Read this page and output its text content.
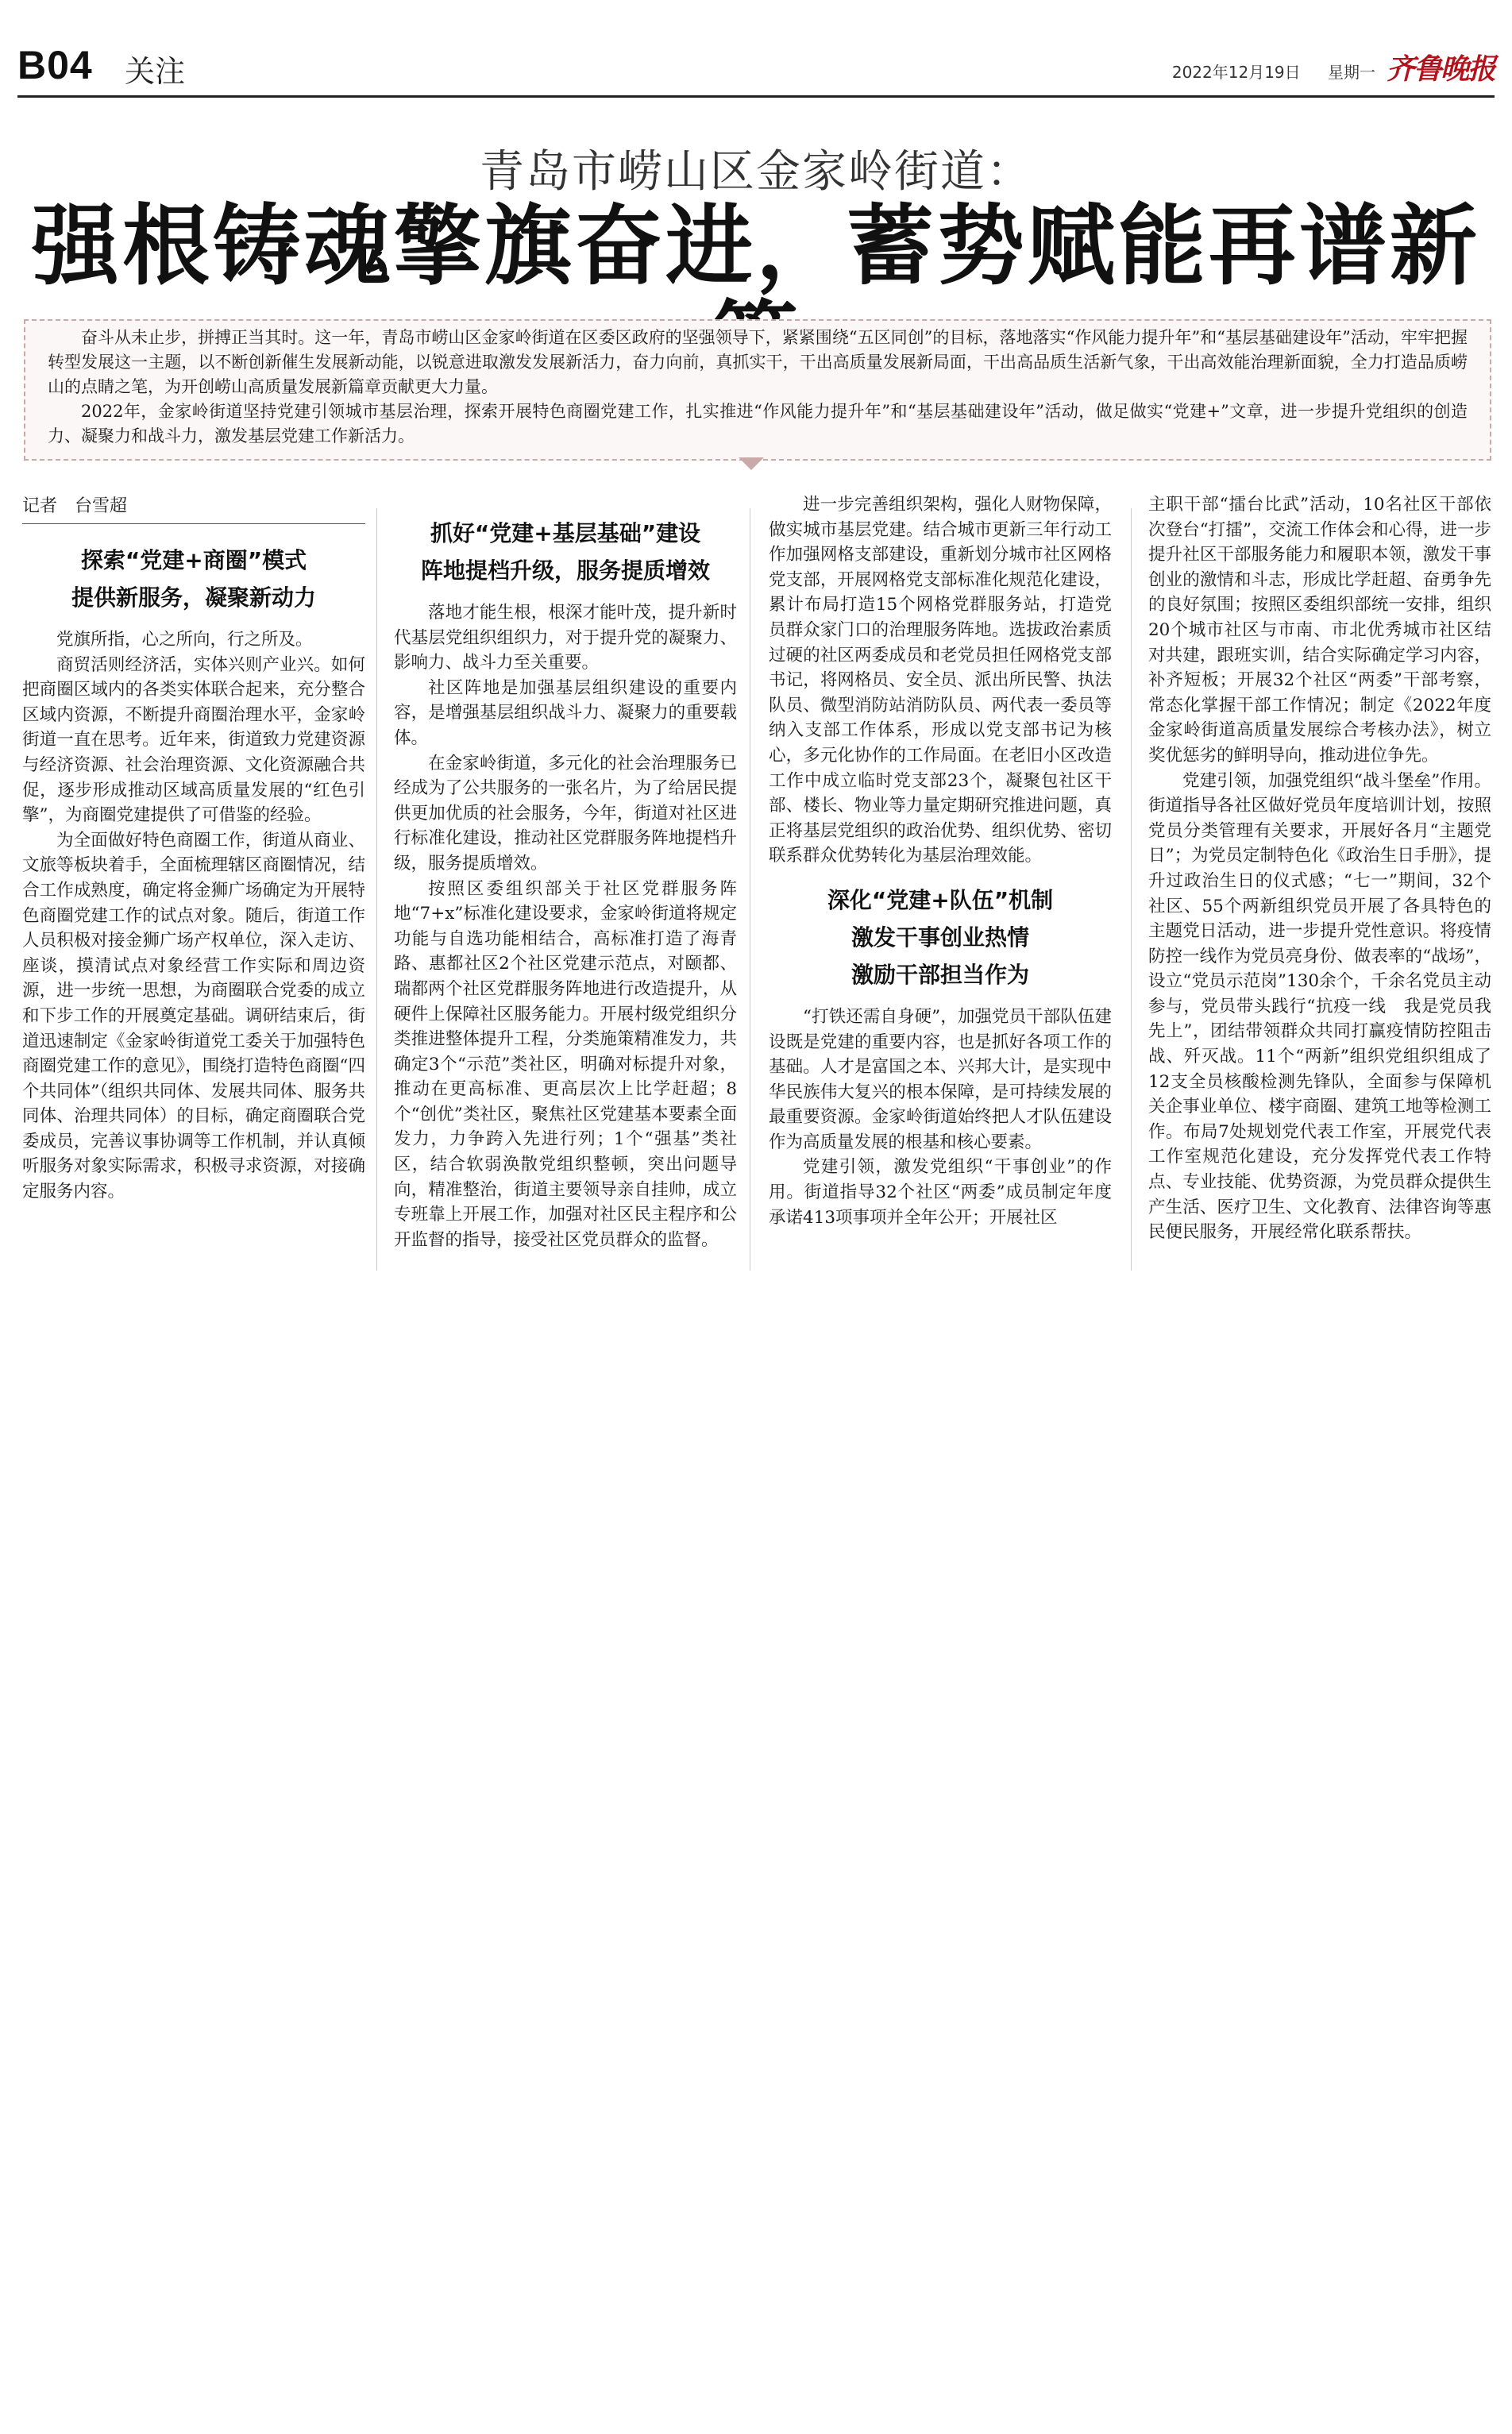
B04 关注	2022年12月19日 星期一 齐鲁晚报
青岛市崂山区金家岭街道：
强根铸魂擎旗奋进，蓄势赋能再谱新

奋斗从未止步，拼搏正当其时。这一年，青岛市崂山区金家岭街道在区委区政府的坚强领导下，紧紧围绕“五区同创”的目标，落地落实“作风能力提升年”和“基层基础建设年”活动，牢牢把握转型发展这一主题，以不断创新催生发展新动能，以锐意进取激发发展新活力，奋力向前，真抓实干，干出高质量发展新局面，干出高品质生活新气象，干出高效能治理新面貌，全力打造品质崂山的点睛之笔，为开创崂山高质量发展新篇章贡献更大力量。

2022年，金家岭街道坚持党建引领城市基层治理，探索开展特色商圈党建工作，扎实推进“作风能力提升年”和“基层基础建设年”活动，做足做实“党建+”文章，进一步提升党组织的创造力、凝聚力和战斗力，激发基层党建工作新活力。

记者　台雪超
探索“党建+商圈”模式
提供新服务，凝聚新动力

党旗所指，心之所向，行之所及。

商贸活则经济活，实体兴则产业兴。如何把商圈区域内的各类实体联合起来，充分整合区域内资源，不断提升商圈治理水平，金家岭街道一直在思考。近年来，街道致力党建资源与经济资源、社会治理资源、文化资源融合共促，逐步形成推动区域高质量发展的“红色引擎”，为商圈党建提供了可借鉴的经验。

为全面做好特色商圈工作，街道从商业、文旅等板块着手，全面梳理辖区商圈情况，结合工作成熟度，确定将金狮广场确定为开展特色商圈党建工作的试点对象。随后，街道工作人员积极对接金狮广场产权单位，深入走访、座谈，摸清试点对象经营工作实际和周边资源，进一步统一思想，为商圈联合党委的成立和下步工作的开展奠定基础。调研结束后，街道迅速制定《金家岭街道党工委关于加强特色商圈党建工作的意见》，围绕打造特色商圈“四个共同体”（组织共同体、发展共同体、服务共同体、治理共同体）的目标，确定商圈联合党委成员，完善议事协调等工作机制，并认真倾听服务对象实际需求，积极寻求资源，对接确定服务内容。

抓好“党建+基层基础”建设
阵地提档升级，服务提质增效

落地才能生根，根深才能叶茂，提升新时代基层党组织组织力，对于提升党的凝聚力、影响力、战斗力至关重要。

社区阵地是加强基层组织建设的重要内容，是增强基层组织战斗力、凝聚力的重要载体。

在金家岭街道，多元化的社会治理服务已经成为了公共服务的一张名片，为了给居民提供更加优质的社会服务，今年，街道对社区进行标准化建设，推动社区党群服务阵地提档升级，服务提质增效。

按照区委组织部关于社区党群服务阵地“7+x”标准化建设要求，金家岭街道将规定功能与自选功能相结合，高标准打造了海青路、惠都社区2个社区党建示范点，对颐都、瑞都两个社区党群服务阵地进行改造提升，从硬件上保障社区服务能力。开展村级党组织分类推进整体提升工程，分类施策精准发力，共确定3个“示范”类社区，明确对标提升对象，推动在更高标准、更高层次上比学赶超；8个“创优”类社区，聚焦社区党建基本要素全面发力，力争跨入先进行列；1个“强基”类社区，结合软弱涣散党组织整顿，突出问题导向，精准整治，街道主要领导亲自挂帅，成立专班靠上开展工作，加强对社区民主程序和公开监督的指导，接受社区党员群众的监督。

进一步完善组织架构，强化人财物保障，做实城市基层党建。结合城市更新三年行动工作加强网格支部建设，重新划分城市社区网格党支部，开展网格党支部标准化规范化建设，累计布局打造15个网格党群服务站，打造党员群众家门口的治理服务阵地。选拔政治素质过硬的社区两委成员和老党员担任网格党支部书记，将网格员、安全员、派出所民警、执法队员、微型消防站消防队员、两代表一委员等纳入支部工作体系，形成以党支部书记为核心，多元化协作的工作局面。在老旧小区改造工作中成立临时党支部23个，凝聚包社区干部、楼长、物业等力量定期研究推进问题，真正将基层党组织的政治优势、组织优势、密切联系群众优势转化为基层治理效能。

深化“党建+队伍”机制
激发干事创业热情
激励干部担当作为

“打铁还需自身硬”，加强党员干部队伍建设既是党建的重要内容，也是抓好各项工作的基础。人才是富国之本、兴邦大计，是实现中华民族伟大复兴的根本保障，是可持续发展的最重要资源。金家岭街道始终把人才队伍建设作为高质量发展的根基和核心要素。

党建引领，激发党组织“干事创业”的作用。街道指导32个社区“两委”成员制定年度承诺413项事项并全年公开；开展社区

主职干部“擂台比武”活动，10名社区干部依次登台“打擂”，交流工作体会和心得，进一步提升社区干部服务能力和履职本领，激发干事创业的激情和斗志，形成比学赶超、奋勇争先的良好氛围；按照区委组织部统一安排，组织20个城市社区与市南、市北优秀城市社区结对共建，跟班实训，结合实际确定学习内容，补齐短板；开展32个社区“两委”干部考察，常态化掌握干部工作情况；制定《2022年度金家岭街道高质量发展综合考核办法》，树立奖优惩劣的鲜明导向，推动进位争先。

党建引领，加强党组织“战斗堡垒”作用。街道指导各社区做好党员年度培训计划，按照党员分类管理有关要求，开展好各月“主题党日”；为党员定制特色化《政治生日手册》，提升过政治生日的仪式感；“七一”期间，32个社区、55个两新组织党员开展了各具特色的主题党日活动，进一步提升党性意识。将疫情防控一线作为党员亮身份、做表率的“战场”，设立“党员示范岗”130余个，千余名党员主动参与，党员带头践行“抗疫一线　我是党员我先上”，团结带领群众共同打赢疫情防控阻击战、歼灭战。11个“两新”组织党组织组成了12支全员核酸检测先锋队，全面参与保障机关企事业单位、楼宇商圈、建筑工地等检测工作。布局7处规划党代表工作室，开展党代表工作室规范化建设，充分发挥党代表工作特点、专业技能、优势资源，为党员群众提供生产生活、医疗卫生、文化教育、法律咨询等惠民便民服务，开展经常化联系帮扶。
